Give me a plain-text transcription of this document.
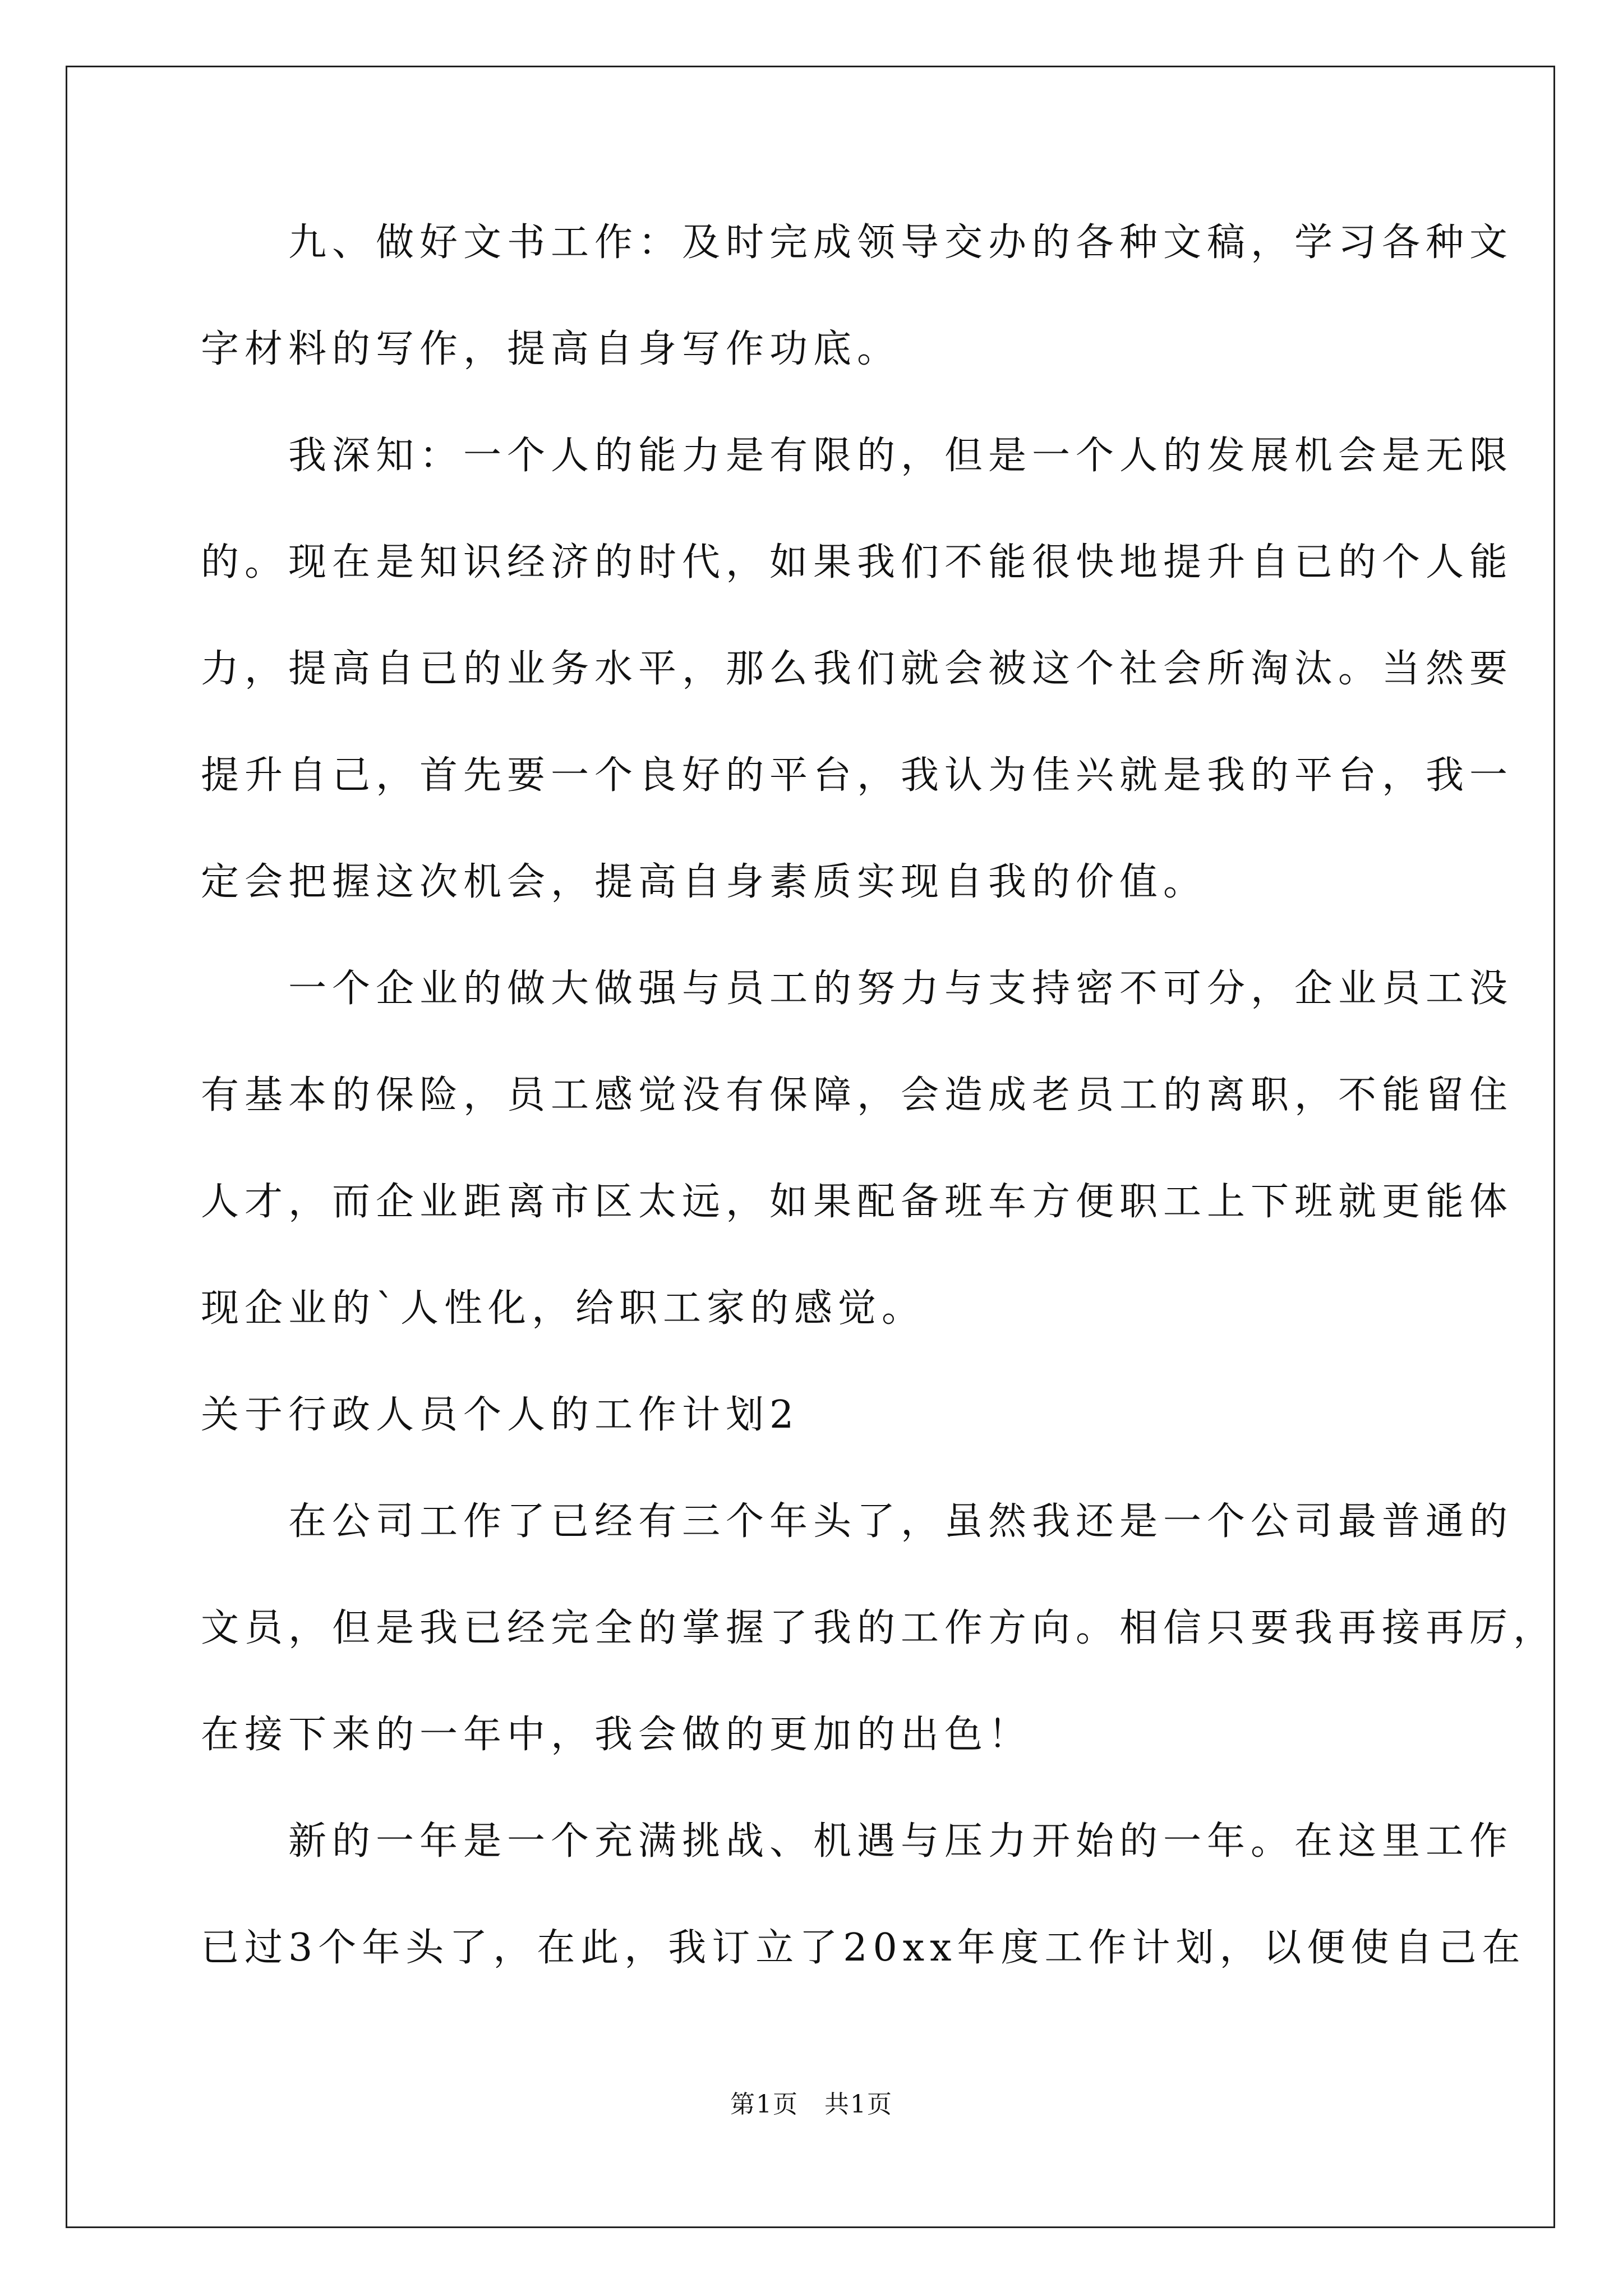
　　九、做好文书工作：及时完成领导交办的各种文稿，学习各种文
字材料的写作，提高自身写作功底。
　　我深知：一个人的能力是有限的，但是一个人的发展机会是无限
的。现在是知识经济的时代，如果我们不能很快地提升自已的个人能
力，提高自已的业务水平，那么我们就会被这个社会所淘汰。当然要
提升自己，首先要一个良好的平台，我认为佳兴就是我的平台，我一
定会把握这次机会，提高自身素质实现自我的价值。
　　一个企业的做大做强与员工的努力与支持密不可分，企业员工没
有基本的保险，员工感觉没有保障，会造成老员工的离职，不能留住
人才，而企业距离市区太远，如果配备班车方便职工上下班就更能体
现企业的`人性化，给职工家的感觉。
关于行政人员个人的工作计划2
　　在公司工作了已经有三个年头了，虽然我还是一个公司最普通的
文员，但是我已经完全的掌握了我的工作方向。相信只要我再接再厉，
在接下来的一年中，我会做的更加的出色！
　　新的一年是一个充满挑战、机遇与压力开始的一年。在这里工作
已过3个年头了，在此，我订立了20xx年度工作计划，以便使自己在
第1页　共1页
